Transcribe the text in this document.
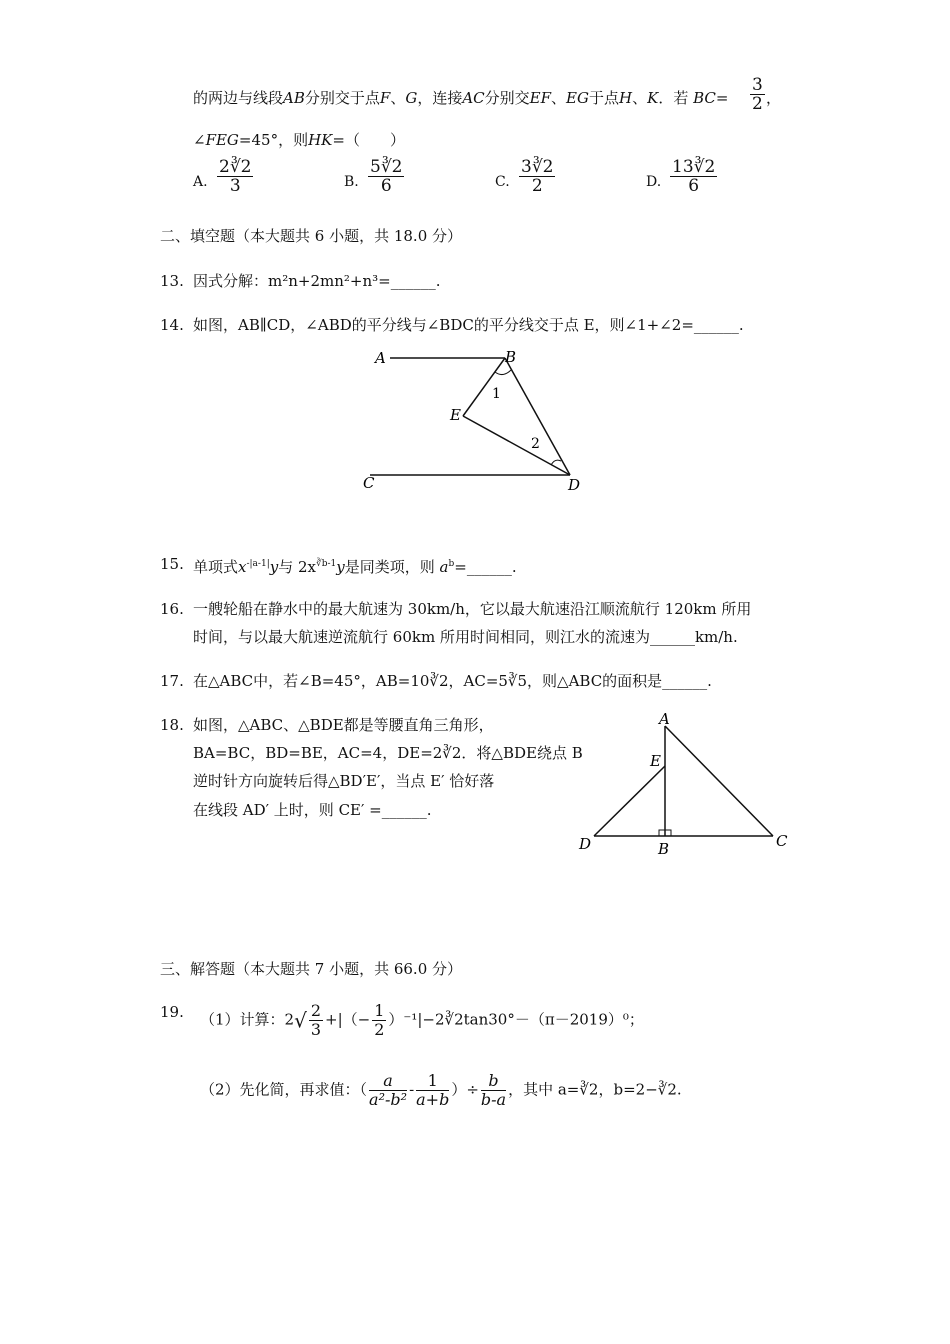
的两边与线段AB分别交于点F、G，连接AC分别交EF、EG于点H、K．若 $BC= \frac{3}{2}$ ，
∠FEG=45°，则HK=（　　）
A. $\frac{2∛2}{3}$	B. $\frac{5∛2}{6}$	C. $\frac{3∛2}{2}$	D. $\frac{13∛2}{6}$
二、填空题（本大题共 6 小题，共 18.0 分）
13. 因式分解：m²n+2mn²+n³=______.
14. 如图，AB∥CD，∠ABD的平分线与∠BDC的平分线交于点 E，则∠1+∠2=______.
A	B
E
1
2
C	D
15. 单项式$x^{-|a-1|}y$与 $2x^{∛b-1}y$是同类项，则 $a^b=\_\_\_\_\_\_$.
16. 一艘轮船在静水中的最大航速为 30km/h，它以最大航速沿江顺流航行 120km 所用
时间，与以最大航速逆流航行 60km 所用时间相同，则江水的流速为______km/h.
17. 在△ABC中，若∠B=45°，AB=10∛2，AC=5∛5，则△ABC的面积是______.
18. 如图，△ABC、△BDE都是等腰直角三角形，
BA=BC，BD=BE，AC=4，DE=2∛2．将△BDE绕点 B
逆时针方向旋转后得△BD′E′，当点 E′ 恰好落
在线段 AD′ 上时，则 CE′ =______.
A
E
D	B	C
三、解答题（本大题共 7 小题，共 66.0 分）
19. （1）计算：$2√ \frac{2}{3}$ +|（− $\frac{1}{2}$ ）⁻¹|−2∛2tan30°－（π－2019）⁰；
（2）先化简，再求值：（ $\frac{a}{\text{a²-b²}} - \frac{1}{a+b}$ ）÷ $\frac{b}{b-a}$ ，其中 a=∛2，b=2−∛2.
